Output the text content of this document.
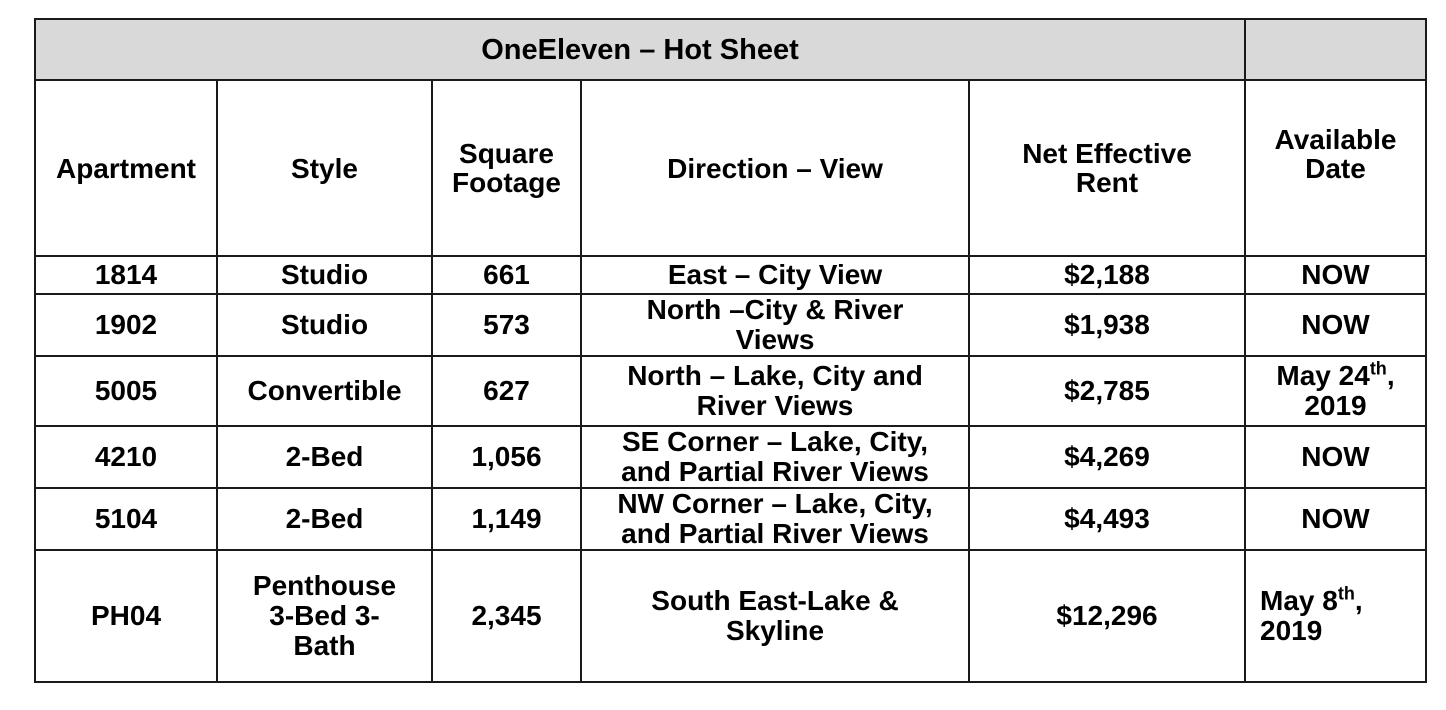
OneEleven – Hot Sheet					
Apartment	Style	Square Footage	Direction – View	Net Effective Rent	Available Date

1814	Studio	661	East – City View	$2,188	NOW

1902	Studio	573	North –City & River Views	$1,938	NOW

5005	Convertible	627	North – Lake, City and River Views	$2,785	May 24th, 2019

4210	2-Bed	1,056	SE Corner – Lake, City, and Partial River Views	$4,269	NOW

5104	2-Bed	1,149	NW Corner – Lake, City, and Partial River Views	$4,493	NOW

PH04	Penthouse 3-Bed 3-Bath	2,345	South East-Lake & Skyline	$12,296	May 8th, 2019
